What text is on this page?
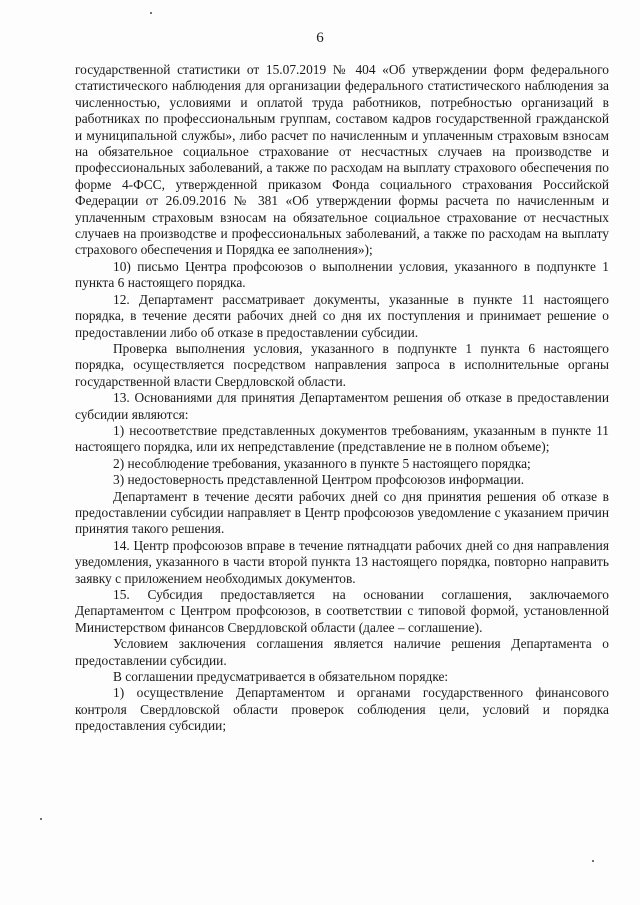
6

государственной статистики от 15.07.2019 № 404 «Об утверждении форм федерального статистического наблюдения для организации федерального статистического наблюдения за численностью, условиями и оплатой труда работников, потребностью организаций в работниках по профессиональным группам, составом кадров государственной гражданской и муниципальной службы», либо расчет по начисленным и уплаченным страховым взносам на обязательное социальное страхование от несчастных случаев на производстве и профессиональных заболеваний, а также по расходам на выплату страхового обеспечения по форме 4-ФСС, утвержденной приказом Фонда социального страхования Российской Федерации от 26.09.2016 № 381 «Об утверждении формы расчета по начисленным и уплаченным страховым взносам на обязательное социальное страхование от несчастных случаев на производстве и профессиональных заболеваний, а также по расходам на выплату страхового обеспечения и Порядка ее заполнения»);

10) письмо Центра профсоюзов о выполнении условия, указанного в подпункте 1 пункта 6 настоящего порядка.

12. Департамент рассматривает документы, указанные в пункте 11 настоящего порядка, в течение десяти рабочих дней со дня их поступления и принимает решение о предоставлении либо об отказе в предоставлении субсидии.

Проверка выполнения условия, указанного в подпункте 1 пункта 6 настоящего порядка, осуществляется посредством направления запроса в исполнительные органы государственной власти Свердловской области.

13. Основаниями для принятия Департаментом решения об отказе в предоставлении субсидии являются:

1) несоответствие представленных документов требованиям, указанным в пункте 11 настоящего порядка, или их непредставление (представление не в полном объеме);

2) несоблюдение требования, указанного в пункте 5 настоящего порядка;

3) недостоверность представленной Центром профсоюзов информации.

Департамент в течение десяти рабочих дней со дня принятия решения об отказе в предоставлении субсидии направляет в Центр профсоюзов уведомление с указанием причин принятия такого решения.

14. Центр профсоюзов вправе в течение пятнадцати рабочих дней со дня направления уведомления, указанного в части второй пункта 13 настоящего порядка, повторно направить заявку с приложением необходимых документов.

15. Субсидия предоставляется на основании соглашения, заключаемого Департаментом с Центром профсоюзов, в соответствии с типовой формой, установленной Министерством финансов Свердловской области (далее – соглашение).

Условием заключения соглашения является наличие решения Департамента о предоставлении субсидии.

В соглашении предусматривается в обязательном порядке:

1) осуществление Департаментом и органами государственного финансового контроля Свердловской области проверок соблюдения цели, условий и порядка предоставления субсидии;
